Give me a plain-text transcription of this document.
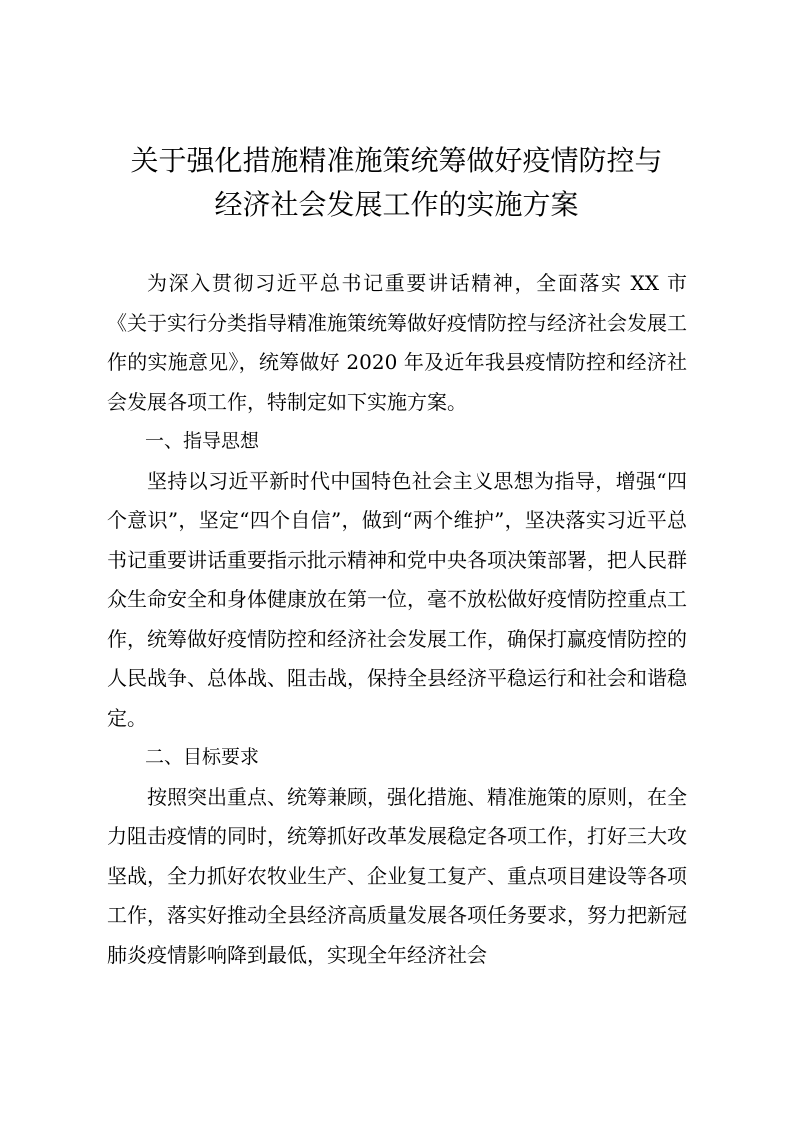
关于强化措施精准施策统筹做好疫情防控与
经济社会发展工作的实施方案

为深入贯彻习近平总书记重要讲话精神，全面落实 XX 市《关于实行分类指导精准施策统筹做好疫情防控与经济社会发展工作的实施意见》，统筹做好 2020 年及近年我县疫情防控和经济社会发展各项工作，特制定如下实施方案。

一、指导思想

坚持以习近平新时代中国特色社会主义思想为指导，增强“四个意识”，坚定“四个自信”，做到“两个维护”，坚决落实习近平总书记重要讲话重要指示批示精神和党中央各项决策部署，把人民群众生命安全和身体健康放在第一位，毫不放松做好疫情防控重点工作，统筹做好疫情防控和经济社会发展工作，确保打赢疫情防控的人民战争、总体战、阻击战，保持全县经济平稳运行和社会和谐稳定。

二、目标要求

按照突出重点、统筹兼顾，强化措施、精准施策的原则，在全力阻击疫情的同时，统筹抓好改革发展稳定各项工作，打好三大攻坚战，全力抓好农牧业生产、企业复工复产、重点项目建设等各项工作，落实好推动全县经济高质量发展各项任务要求，努力把新冠肺炎疫情影响降到最低，实现全年经济社会
